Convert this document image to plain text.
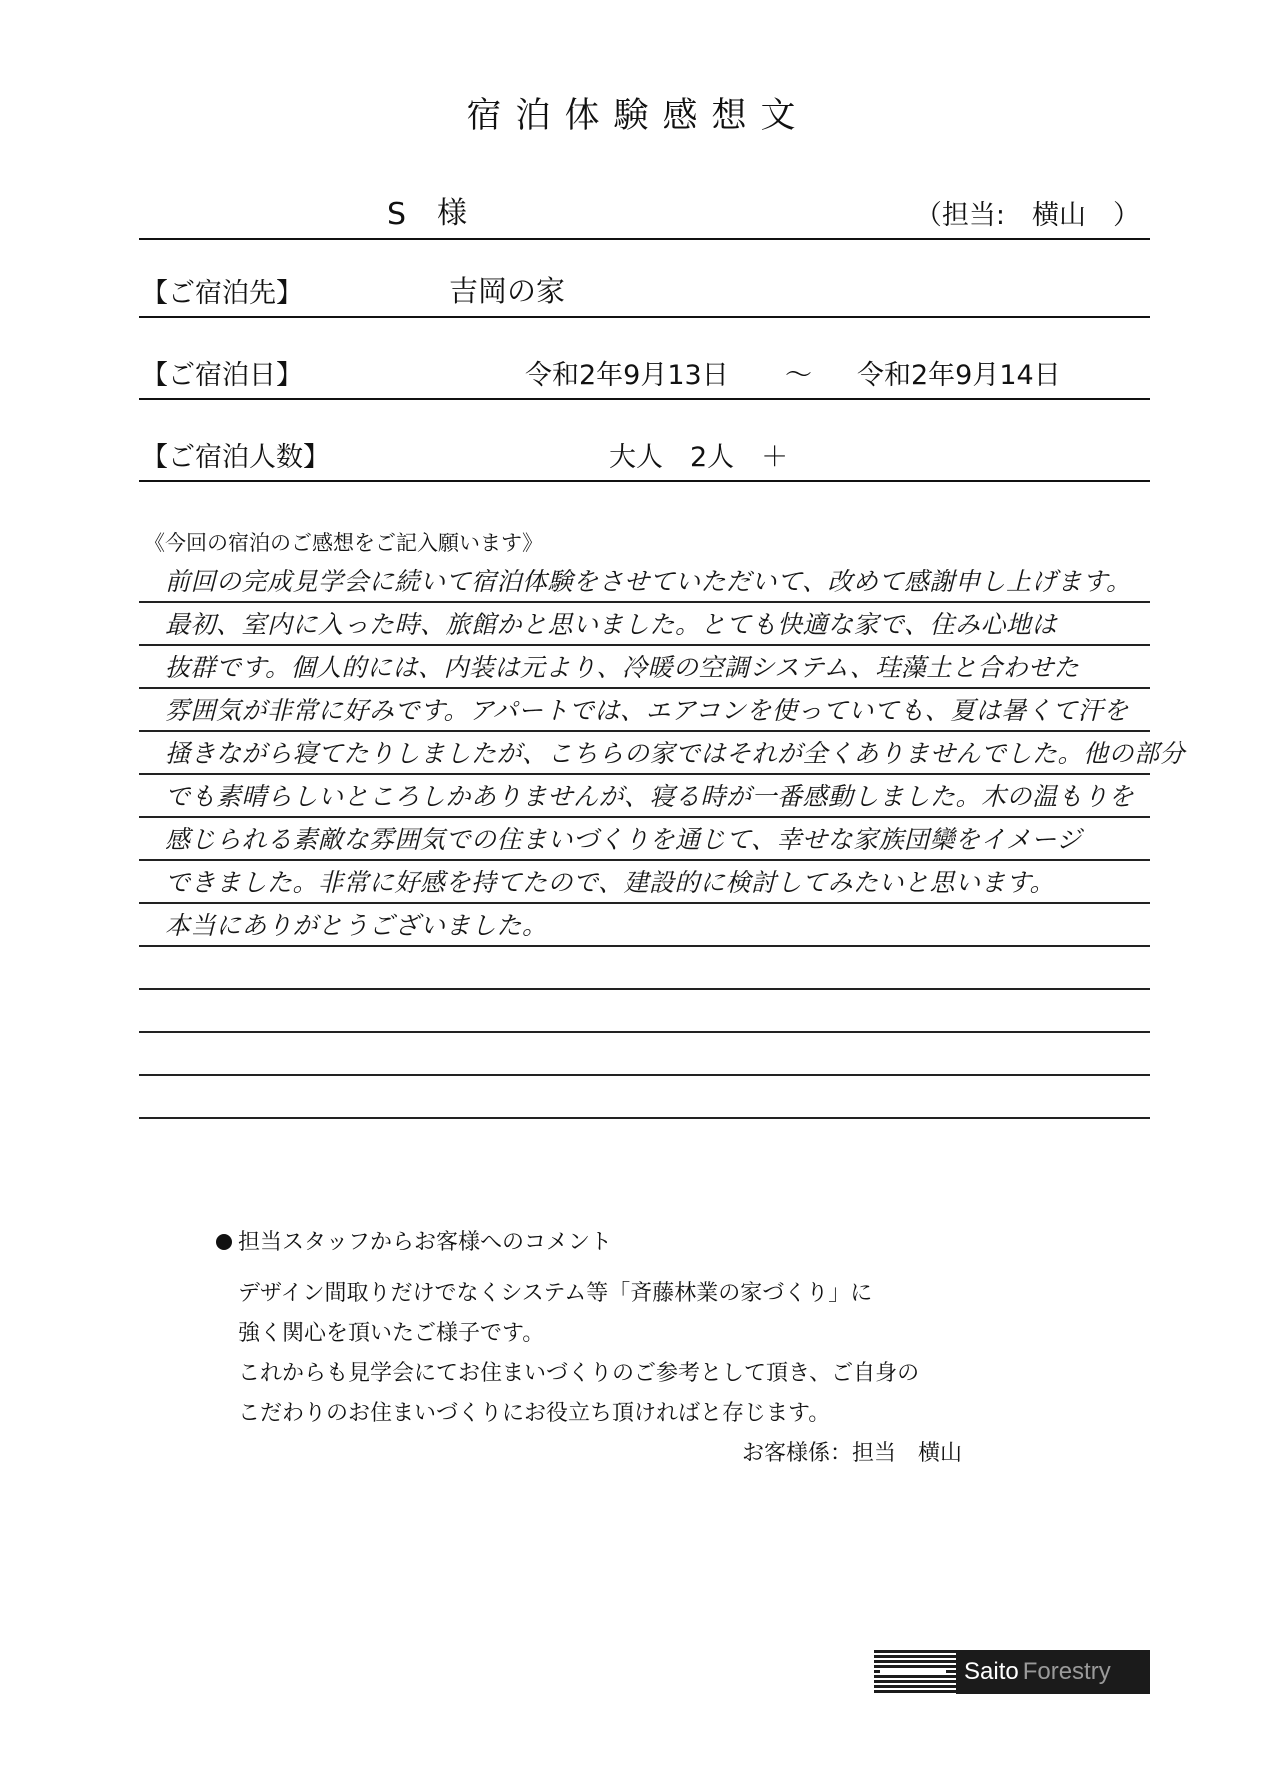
宿泊体験感想文
S 様	（担当:　横山　）
【ご宿泊先】	吉岡の家
【ご宿泊日】	令和2年9月13日 ～ 令和2年9月14日
【ご宿泊人数】	大人　2人　＋
《今回の宿泊のご感想をご記入願います》
前回の完成見学会に続いて宿泊体験をさせていただいて、改めて感謝申し上げます。
最初、室内に入った時、旅館かと思いました。とても快適な家で、住み心地は
抜群です。個人的には、内装は元より、冷暖の空調システム、珪藻土と合わせた
雰囲気が非常に好みです。アパートでは、エアコンを使っていても、夏は暑くて汗を
掻きながら寝てたりしましたが、こちらの家ではそれが全くありませんでした。他の部分
でも素晴らしいところしかありませんが、寝る時が一番感動しました。木の温もりを
感じられる素敵な雰囲気での住まいづくりを通じて、幸せな家族団欒をイメージ
できました。非常に好感を持てたので、建設的に検討してみたいと思います。
本当にありがとうございました。
担当スタッフからお客様へのコメント
デザイン間取りだけでなくシステム等「斉藤林業の家づくり」に
強く関心を頂いたご様子です。
これからも見学会にてお住まいづくりのご参考として頂き、ご自身の
こだわりのお住まいづくりにお役立ち頂ければと存じます。
お客様係：担当　横山
Saito Forestry
